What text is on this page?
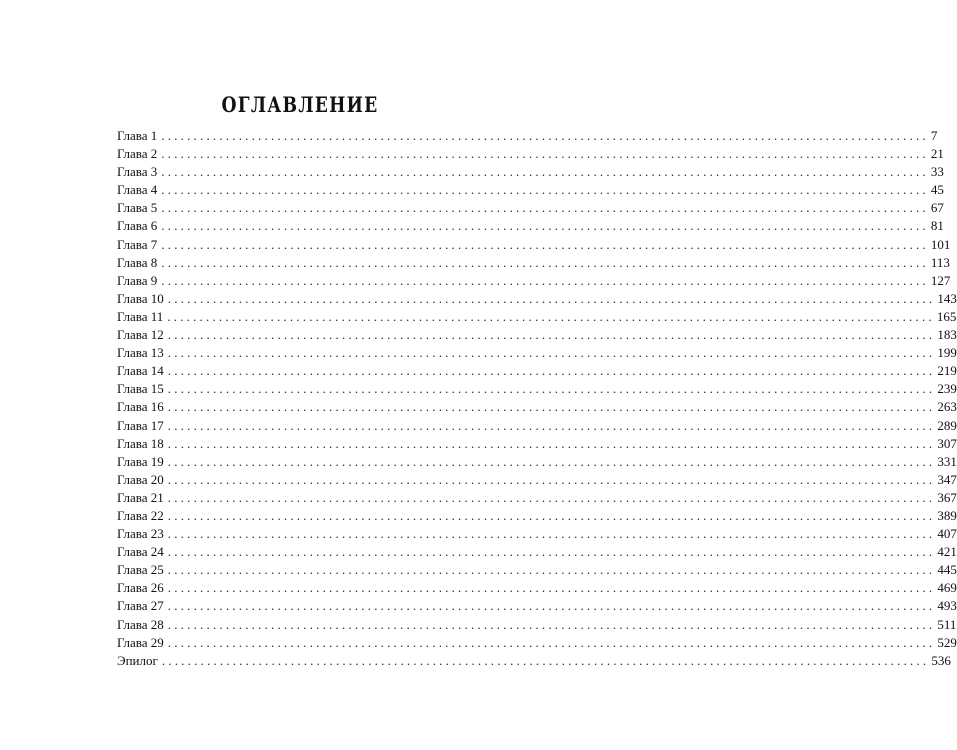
ОГЛАВЛЕНИЕ
Глава 1 ....................................................................................................................... 7
Глава 2 ....................................................................................................................... 21
Глава 3 ....................................................................................................................... 33
Глава 4 ....................................................................................................................... 45
Глава 5 ....................................................................................................................... 67
Глава 6 ....................................................................................................................... 81
Глава 7 ....................................................................................................................... 101
Глава 8 ....................................................................................................................... 113
Глава 9 ....................................................................................................................... 127
Глава 10 ....................................................................................................................... 143
Глава 11 ....................................................................................................................... 165
Глава 12 ....................................................................................................................... 183
Глава 13 ....................................................................................................................... 199
Глава 14 ....................................................................................................................... 219
Глава 15 ....................................................................................................................... 239
Глава 16 ....................................................................................................................... 263
Глава 17 ....................................................................................................................... 289
Глава 18 ....................................................................................................................... 307
Глава 19 ....................................................................................................................... 331
Глава 20 ....................................................................................................................... 347
Глава 21 ....................................................................................................................... 367
Глава 22 ....................................................................................................................... 389
Глава 23 ....................................................................................................................... 407
Глава 24 ....................................................................................................................... 421
Глава 25 ....................................................................................................................... 445
Глава 26 ....................................................................................................................... 469
Глава 27 ....................................................................................................................... 493
Глава 28 ....................................................................................................................... 511
Глава 29 ....................................................................................................................... 529
Эпилог ....................................................................................................................... 536
